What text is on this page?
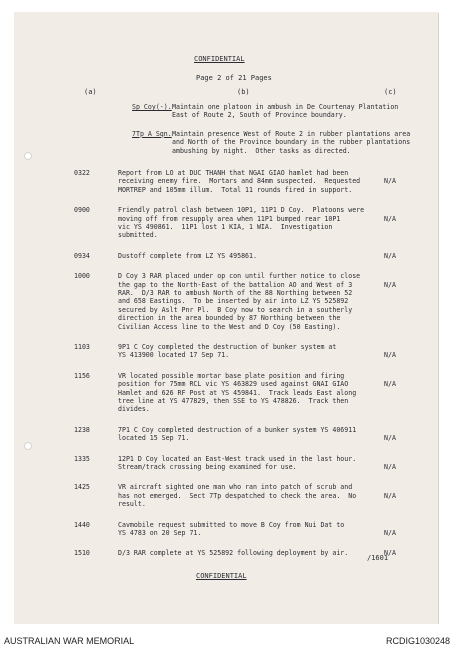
CONFIDENTIAL
Page 2 of 21 Pages
(a)	(b)	(c)
Sp Coy(-). Maintain one platoon in ambush in De Courtenay Plantation
East of Route 2, South of Province boundary.
7Tp A Sqn. Maintain presence West of Route 2 in rubber plantations area
and North of the Province boundary in the rubber plantations
ambushing by night.  Other tasks as directed.
0322	Report from LO at DUC THANH that NGAI GIAO hamlet had been
receiving enemy fire.  Mortars and 84mm suspected.  Requested
MORTREP and 105mm illum.  Total 11 rounds fired in support.
N/A
0900	Friendly patrol clash between 10P1, 11P1 D Coy.  Platoons were
moving off from resupply area when 11P1 bumped rear 10P1
vic YS 490861.  11P1 lost 1 KIA, 1 WIA.  Investigation
submitted.
N/A
0934	Dustoff complete from LZ YS 495861.	N/A
1000	D Coy 3 RAR placed under op con until further notice to close
the gap to the North-East of the battalion AO and West of 3
RAR.  D/3 RAR to ambush North of the 88 Northing between 52
and 658 Eastings.  To be inserted by air into LZ YS 525892
secured by Aslt Pnr Pl.  B Coy now to search in a southerly
direction in the area bounded by 87 Northing between the
Civilian Access line to the West and D Coy (50 Easting).
N/A
1103	9P1 C Coy completed the destruction of bunker system at
YS 413900 located 17 Sep 71.	N/A
1156	VR located possible mortar base plate position and firing
position for 75mm RCL vic YS 463829 used against GNAI GIAO
Hamlet and 626 RF Post at YS 459841.  Track leads East along
tree line at YS 477829, then SSE to YS 478826.  Track then
divides.
N/A
1238	7P1 C Coy completed destruction of a bunker system YS 406911
located 15 Sep 71.	N/A
1335	12P1 D Coy located an East-West track used in the last hour.
Stream/track crossing being examined for use.	N/A
1425	VR aircraft sighted one man who ran into patch of scrub and
has not emerged.  Sect 7Tp despatched to check the area.  No
result.
N/A
1440	Cavmobile request submitted to move B Coy from Nui Dat to
YS 4783 on 20 Sep 71.	N/A
1510	D/3 RAR complete at YS 525892 following deployment by air.	N/A
/1601
CONFIDENTIAL
AUSTRALIAN WAR MEMORIAL	RCDIG1030248
